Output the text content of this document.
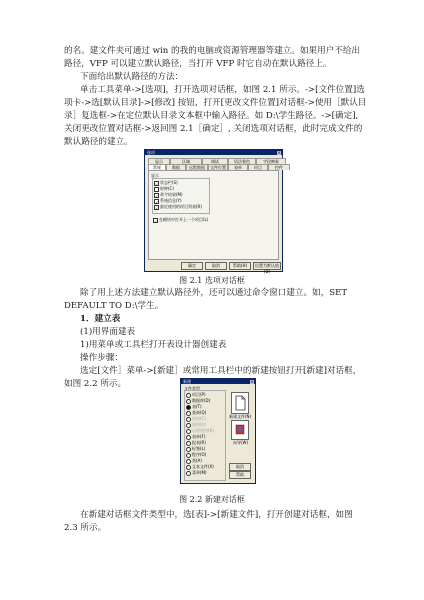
的名。建文件夹可通过 win 的我的电脑或资源管理器等建立。如果用户不给出
路径，VFP 可以建立默认路径，当打开 VFP 时它自动在默认路径上。
下面给出默认路径的方法：
单击工具菜单->[选项]，打开选项对话框，如图 2.1 所示。->[文件位置]选
项卡->选[默认目录]->[修改] 按钮，打开[更改文件位置]对话框->使用［默认目
录］复选框->在定位默认目录文本框中输入路径。如 D:\学生路径。->[确定],
关闭更改位置对话框->返回图 2.1［确定］, 关闭选项对话框，此时完成文件的
默认路径的建立。
选项	×
显示	区域	调试	语法着色	字段映象
常规	数据	远程数据	文件位置	表单	项目	控件
显示
✓ 状态栏(S)
时钟(C)
✓ 命令结果(M)
✓ 系统信息(Y)
✓ 最近使用的项目列表(R)
✓ 在模块中打开上一个项目(L)
确定	取消	帮助(H)	设置为默认值(D)
图 2.1 选项对话框
除了用上述方法建立默认路径外，还可以通过命令窗口建立。如，SET
DEFAULT TO D:\学生。
1．建立表
(1)用界面建表
1)用菜单或工具栏打开表设计器创建表
操作步骤：
选定[文件］菜单->[新建］或常用工具栏中的新建按钮打开[新建]对话框，
如图 2.2 所示。	新建	×
文件类型
项目(P)
数据库(D)
表(T)
查询(Q)
连接(C)
视图(V)
远程视图(R)
表单(F)
报表(R)
标签(L)
程序(O)
类(A)
文本文件(X)
菜单(M)
新建文件(N)
向导(W)
取消
帮助
图 2.2 新建对话框
在新建对话框文件类型中，选[表]->[新建文件]，打开创建对话框，如图
2.3 所示。
